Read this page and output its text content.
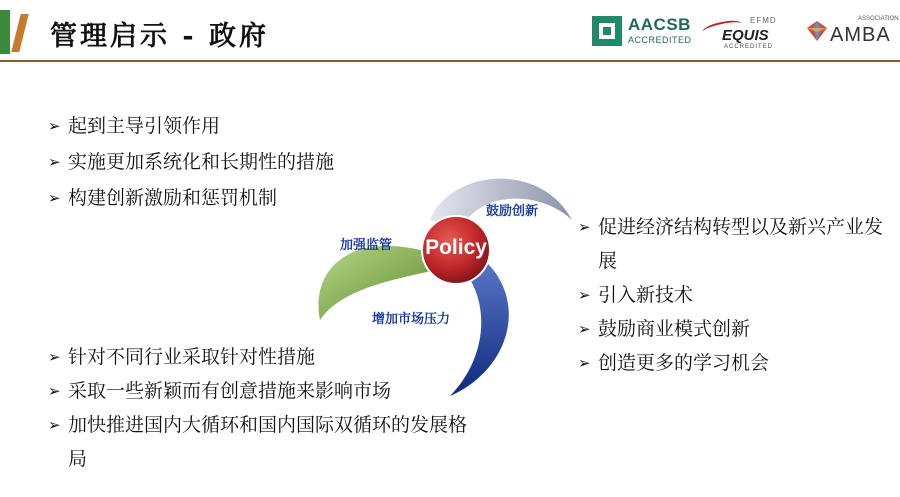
管理启示 - 政府	AACSB
ACCREDITED
EFMD
EQUIS
ACCREDITED
ASSOCIATION
AMBA
➢ 起到主导引领作用
➢ 实施更加系统化和长期性的措施
➢ 构建创新激励和惩罚机制
Policy
鼓励创新
加强监管
增加市场压力
➢ 促进经济结构转型以及新兴产业发展
➢ 引入新技术
➢ 鼓励商业模式创新
➢ 创造更多的学习机会
➢ 针对不同行业采取针对性措施
➢ 采取一些新颖而有创意措施来影响市场
➢ 加快推进国内大循环和国内国际双循环的发展格局
